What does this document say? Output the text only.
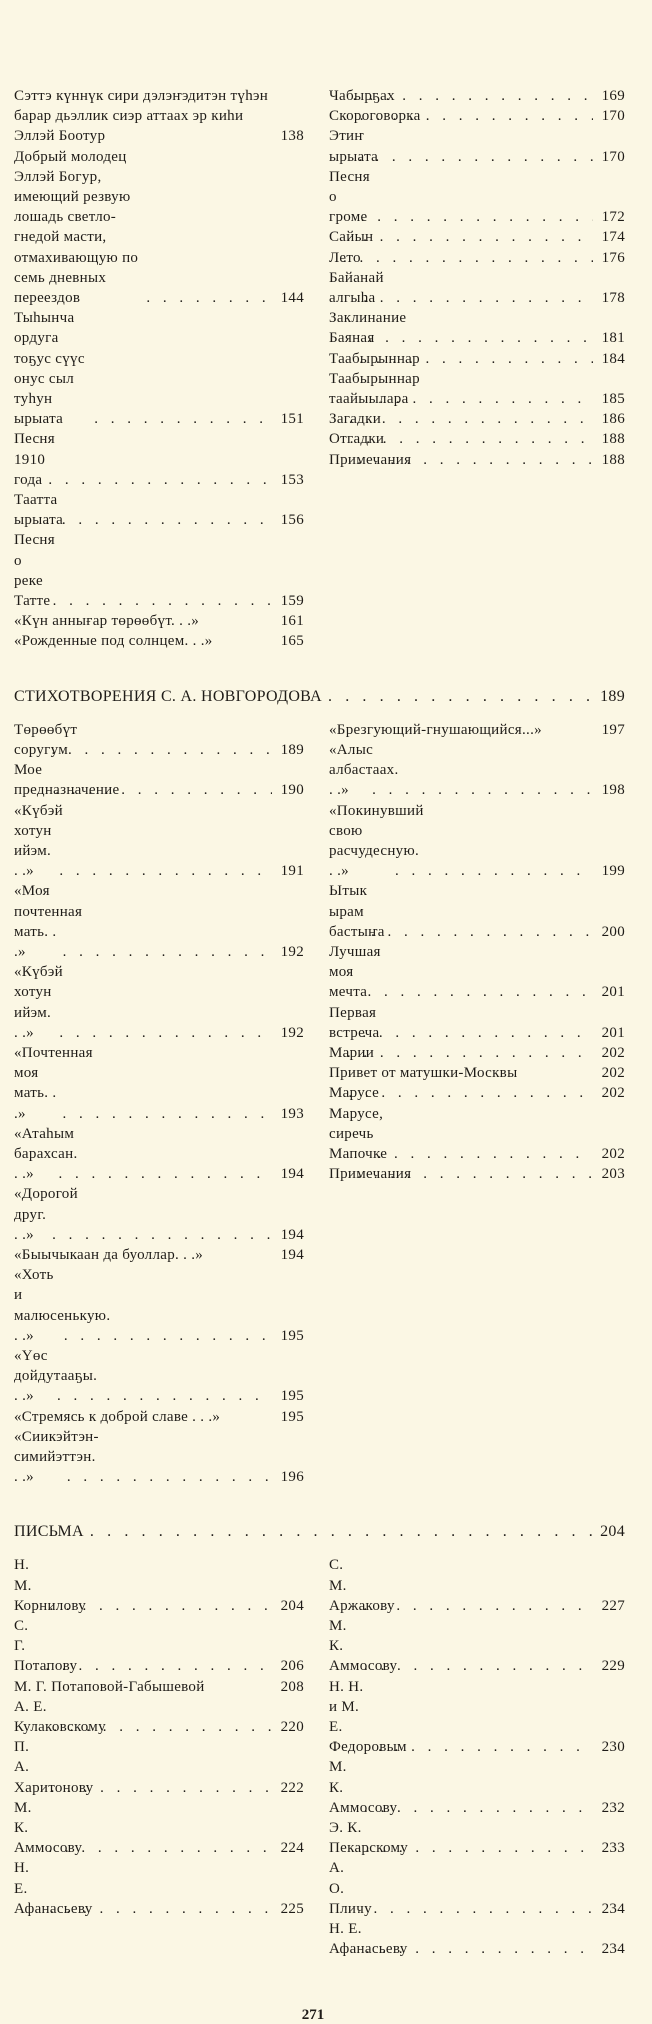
Сэттэ күннүк сири дэлэҥэдитэн түһэн барар дьэллик сиэр аттаах эр киһи Эллэй Боотур	138
Добрый молодец Эллэй Богур, имеющий резвую лошадь светло-гнедой масти, отмахивающую по семь дневных переездов . . .	144
Тыһынча ордуга тоҕус сүүс онус сыл туһун ырыата . . .	151
Песня 1910 года . . .	153
Таатта ырыата . . .	156
Песня о реке Татте . . .	159
«Күн аннығар төрөөбүт. . .»	161
«Рожденные под солнцем. . .»	165
Чабырҕах . . .	169
Скороговорка . . .	170
Этиҥ ырыата . . .	170
Песня о громе . . .	172
Сайын . . .	174
Лето . . .	176
Байанай алгыһа . . .	178
Заклинание Баяная . . .	181
Таабырыннар . . .	184
Таабырыннар таайыылара . . .	185
Загадки . . .	186
Отгадки . . .	188
Примечания . . .	188
СТИХОТВОРЕНИЯ С. А. НОВГОРОДОВА . . .	189
Төрөөбүт соругум . . .	189
Мое предназначение . . .	190
«Күбэй хотун ийэм. . .» . . .	191
«Моя почтенная мать. . .» . . .	192
«Күбэй хотун ийэм. . .» . . .	192
«Почтенная моя мать. . .» . . .	193
«Атаһым барахсан. . .» . . .	194
«Дорогой друг. . .» . . .	194
«Быычыкаан да буоллар. . .»	194
«Хоть и малюсенькую. . .» . . .	195
«Үөс дойдутааҕы. . .» . . .	195
«Стремясь к доброй славе . . .»	195
«Сиикэйтэн-симийэттэн. . .» . . .	196
«Брезгующий-гнушающийся...»	197
«Алыс албастаах. . .» . . .	198
«Покинувший свою расчудесную. . .» . . .	199
Ытык ырам бастыҥа . . .	200
Лучшая моя мечта . . .	201
Первая встреча . . .	201
Марии . . .	202
Привет от матушки-Москвы	202
Марусе . . .	202
Марусе, сиречь Мапочке . . .	202
Примечания . . .	203
ПИСЬМА . . .	204
Н. М. Корнилову . . .	204
С. Г. Потапову . . .	206
М. Г. Потаповой-Габышевой	208
А. Е. Кулаковскому . . .	220
П. А. Харитонову . . .	222
М. К. Аммосову . . .	224
Н. Е. Афанасьеву . . .	225
С. М. Аржакову . . .	227
М. К. Аммосову . . .	229
Н. Н. и М. Е. Федоровым . . .	230
М. К. Аммосову . . .	232
Э. К. Пекарскому . . .	233
А. О. Пличу . . .	234
Н. Е. Афанасьеву . . .	234
271
